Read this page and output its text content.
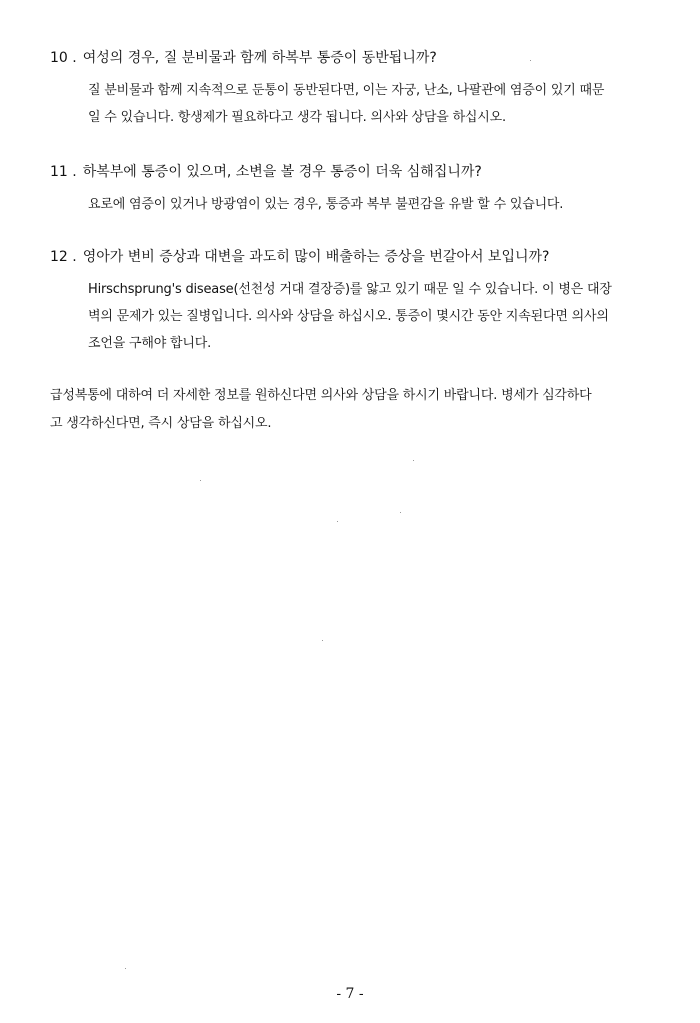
10 . 여성의 경우, 질 분비물과 함께 하복부 통증이 동반됩니까?
질 분비물과 함께 지속적으로 둔통이 동반된다면, 이는 자궁, 난소, 나팔관에 염증이 있기 때문
일 수 있습니다. 항생제가 필요하다고 생각 됩니다. 의사와 상담을 하십시오.
11 . 하복부에 통증이 있으며, 소변을 볼 경우 통증이 더욱 심해집니까?
요로에 염증이 있거나 방광염이 있는 경우, 통증과 복부 불편감을 유발 할 수 있습니다.
12 . 영아가 변비 증상과 대변을 과도히 많이 배출하는 증상을 번갈아서 보입니까?
Hirschsprung's disease(선천성 거대 결장증)를 앓고 있기 때문 일 수 있습니다. 이 병은 대장
벽의 문제가 있는 질병입니다. 의사와 상담을 하십시오. 통증이 몇시간 동안 지속된다면 의사의
조언을 구해야 합니다.
급성복통에 대하여 더 자세한 정보를 원하신다면 의사와 상담을 하시기 바랍니다. 병세가 심각하다
고 생각하신다면, 즉시 상담을 하십시오.
- 7 -
